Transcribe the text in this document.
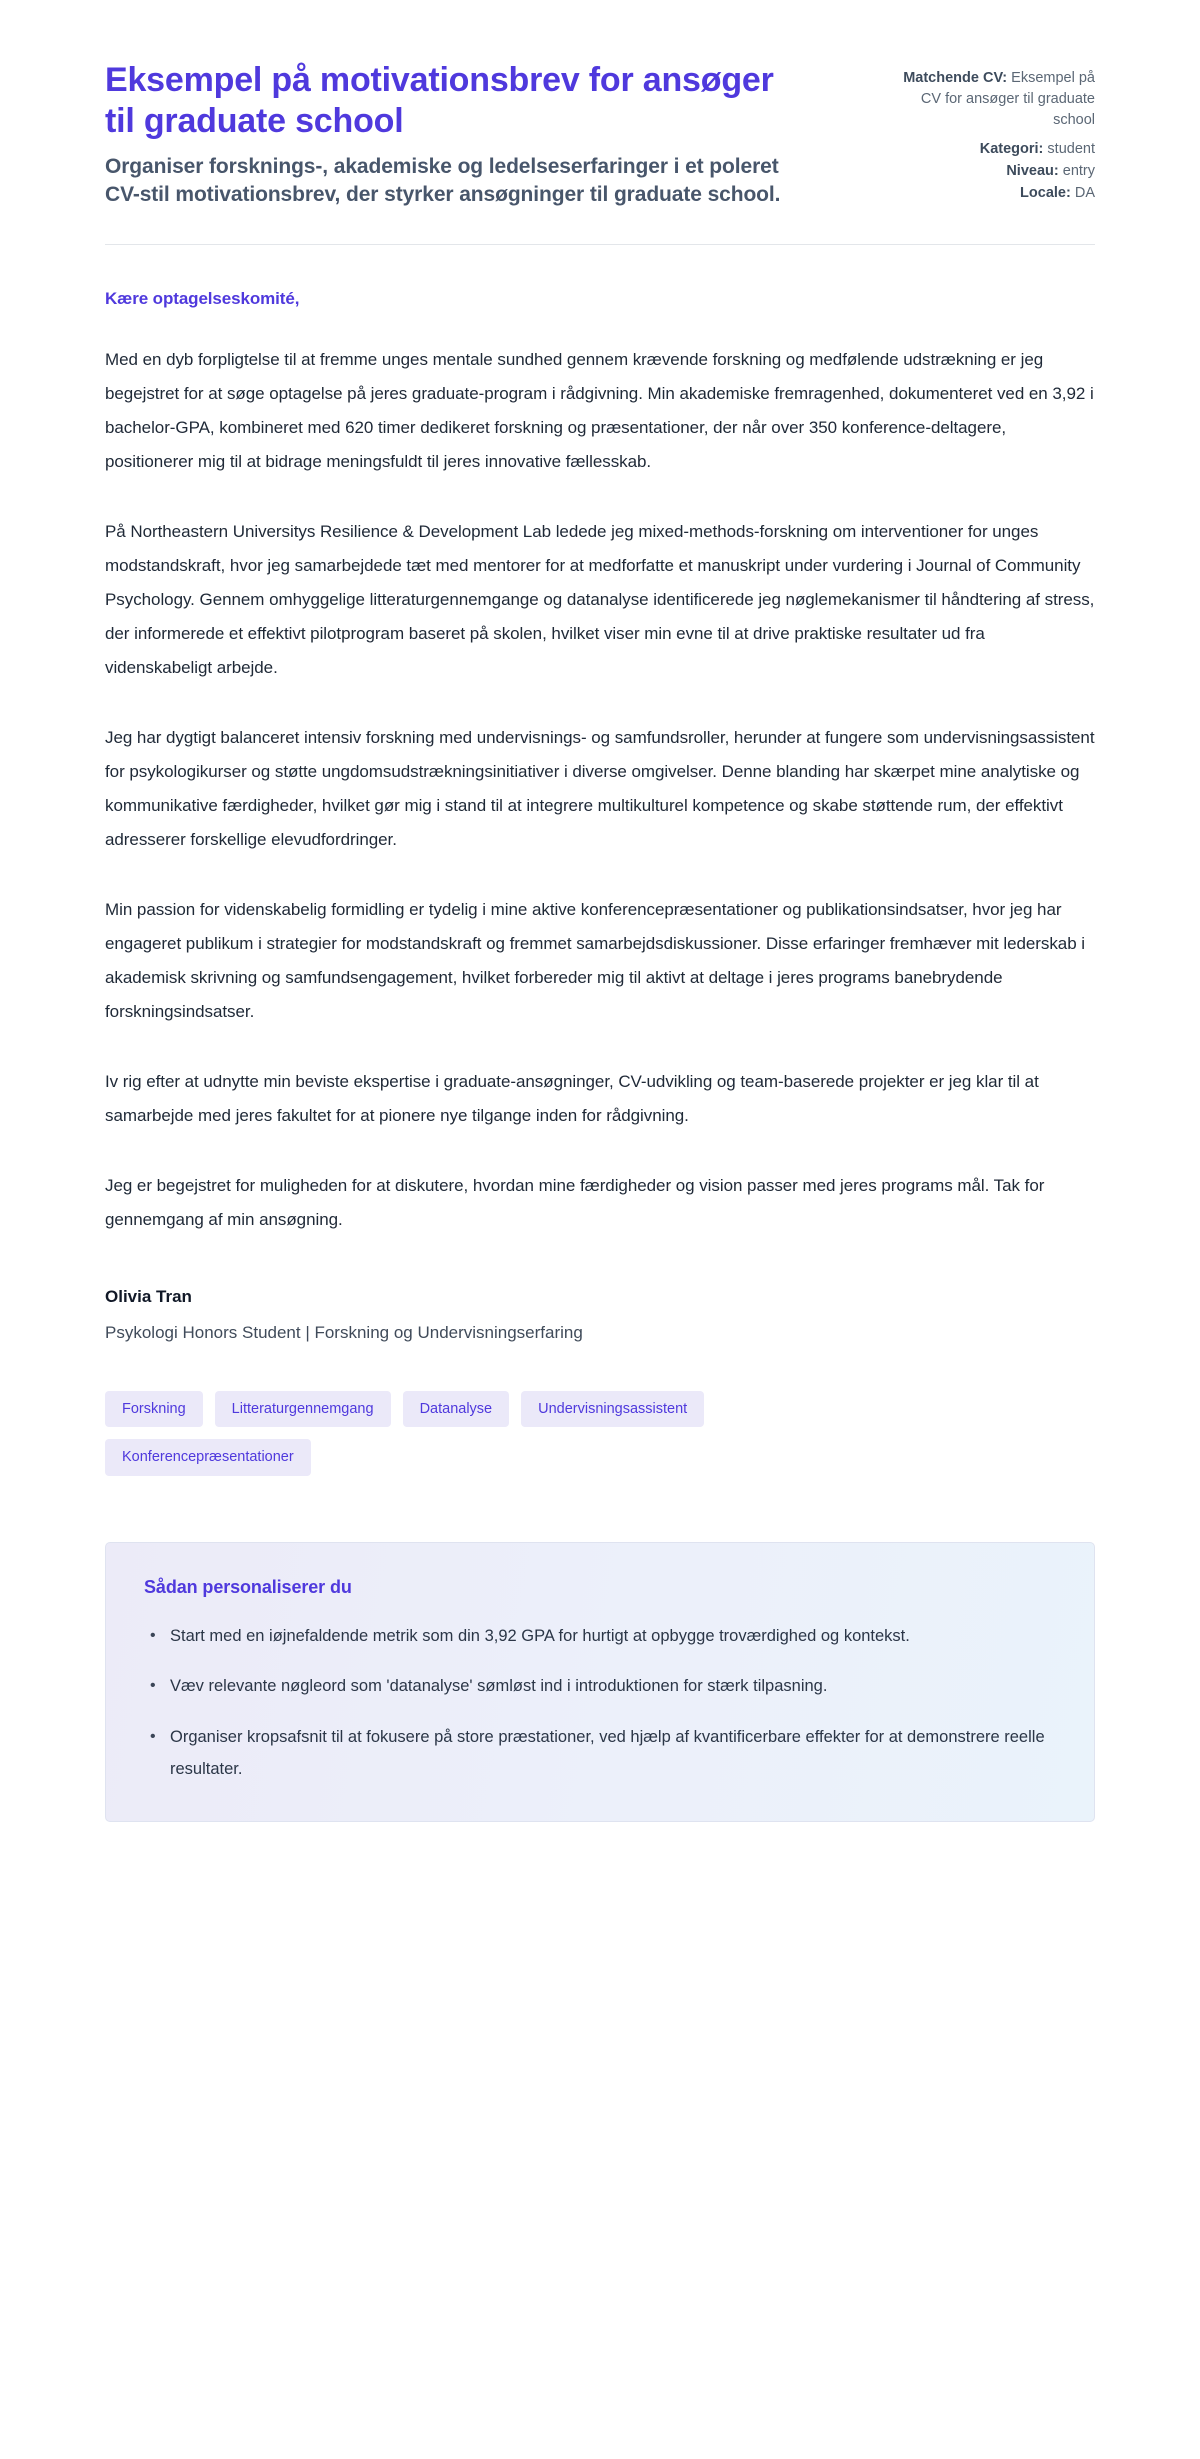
Eksempel på motivationsbrev for ansøger til graduate school
Organiser forsknings-, akademiske og ledelseserfaringer i et poleret CV-stil motivationsbrev, der styrker ansøgninger til graduate school.
Matchende CV: Eksempel på CV for ansøger til graduate school
Kategori: student
Niveau: entry
Locale: DA
Kære optagelseskomité,

Med en dyb forpligtelse til at fremme unges mentale sundhed gennem krævende forskning og medfølende udstrækning er jeg begejstret for at søge optagelse på jeres graduate-program i rådgivning. Min akademiske fremragenhed, dokumenteret ved en 3,92 i bachelor-GPA, kombineret med 620 timer dedikeret forskning og præsentationer, der når over 350 konference-deltagere, positionerer mig til at bidrage meningsfuldt til jeres innovative fællesskab.

På Northeastern Universitys Resilience & Development Lab ledede jeg mixed-methods-forskning om interventioner for unges modstandskraft, hvor jeg samarbejdede tæt med mentorer for at medforfatte et manuskript under vurdering i Journal of Community Psychology. Gennem omhyggelige litteraturgennemgange og datanalyse identificerede jeg nøglemekanismer til håndtering af stress, der informerede et effektivt pilotprogram baseret på skolen, hvilket viser min evne til at drive praktiske resultater ud fra videnskabeligt arbejde.

Jeg har dygtigt balanceret intensiv forskning med undervisnings- og samfundsroller, herunder at fungere som undervisningsassistent for psykologikurser og støtte ungdomsudstrækningsinitiativer i diverse omgivelser. Denne blanding har skærpet mine analytiske og kommunikative færdigheder, hvilket gør mig i stand til at integrere multikulturel kompetence og skabe støttende rum, der effektivt adresserer forskellige elevudfordringer.

Min passion for videnskabelig formidling er tydelig i mine aktive konferencepræsentationer og publikationsindsatser, hvor jeg har engageret publikum i strategier for modstandskraft og fremmet samarbejdsdiskussioner. Disse erfaringer fremhæver mit lederskab i akademisk skrivning og samfundsengagement, hvilket forbereder mig til aktivt at deltage i jeres programs banebrydende forskningsindsatser.

Iv rig efter at udnytte min beviste ekspertise i graduate-ansøgninger, CV-udvikling og team-baserede projekter er jeg klar til at samarbejde med jeres fakultet for at pionere nye tilgange inden for rådgivning.

Jeg er begejstret for muligheden for at diskutere, hvordan mine færdigheder og vision passer med jeres programs mål. Tak for gennemgang af min ansøgning.

Olivia Tran
Psykologi Honors Student | Forskning og Undervisningserfaring
Forskning	Litteraturgennemgang	Datanalyse	Undervisningsassistent
Konferencepræsentationer
Sådan personaliserer du
• Start med en iøjnefaldende metrik som din 3,92 GPA for hurtigt at opbygge troværdighed og kontekst.
• Væv relevante nøgleord som 'datanalyse' sømløst ind i introduktionen for stærk tilpasning.
• Organiser kropsafsnit til at fokusere på store præstationer, ved hjælp af kvantificerbare effekter for at demonstrere reelle resultater.
